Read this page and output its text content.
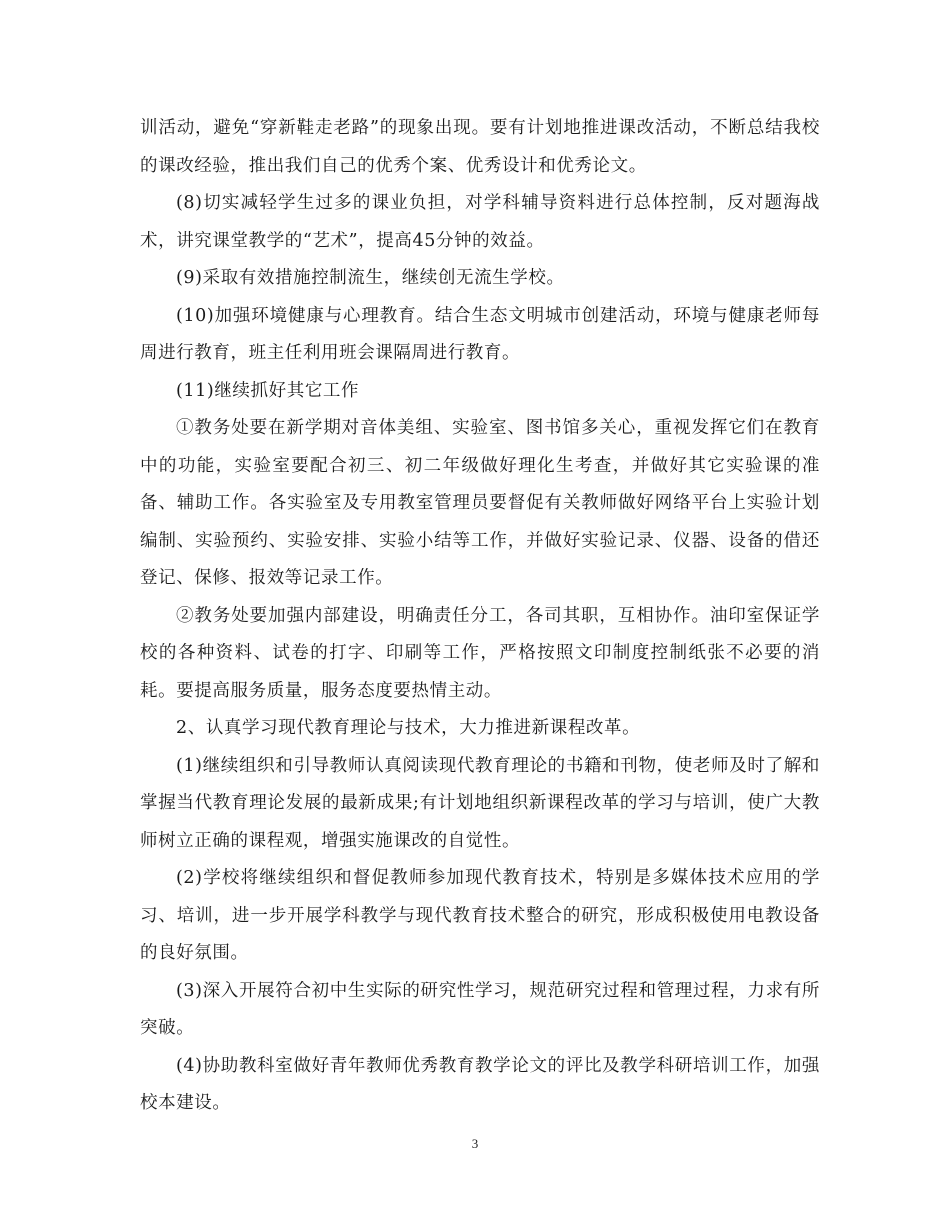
训活动，避免“穿新鞋走老路”的现象出现。要有计划地推进课改活动，不断总结我校的课改经验，推出我们自己的优秀个案、优秀设计和优秀论文。

(8)切实减轻学生过多的课业负担，对学科辅导资料进行总体控制，反对题海战术，讲究课堂教学的“艺术”，提高45分钟的效益。

(9)采取有效措施控制流生，继续创无流生学校。

(10)加强环境健康与心理教育。结合生态文明城市创建活动，环境与健康老师每周进行教育，班主任利用班会课隔周进行教育。

(11)继续抓好其它工作

①教务处要在新学期对音体美组、实验室、图书馆多关心，重视发挥它们在教育中的功能，实验室要配合初三、初二年级做好理化生考查，并做好其它实验课的准备、辅助工作。各实验室及专用教室管理员要督促有关教师做好网络平台上实验计划编制、实验预约、实验安排、实验小结等工作，并做好实验记录、仪器、设备的借还登记、保修、报效等记录工作。

②教务处要加强内部建设，明确责任分工，各司其职，互相协作。油印室保证学校的各种资料、试卷的打字、印刷等工作，严格按照文印制度控制纸张不必要的消耗。要提高服务质量，服务态度要热情主动。

2、认真学习现代教育理论与技术，大力推进新课程改革。

(1)继续组织和引导教师认真阅读现代教育理论的书籍和刊物，使老师及时了解和掌握当代教育理论发展的最新成果;有计划地组织新课程改革的学习与培训，使广大教师树立正确的课程观，增强实施课改的自觉性。

(2)学校将继续组织和督促教师参加现代教育技术，特别是多媒体技术应用的学习、培训，进一步开展学科教学与现代教育技术整合的研究，形成积极使用电教设备的良好氛围。

(3)深入开展符合初中生实际的研究性学习，规范研究过程和管理过程，力求有所突破。

(4)协助教科室做好青年教师优秀教育教学论文的评比及教学科研培训工作，加强校本建设。

3
